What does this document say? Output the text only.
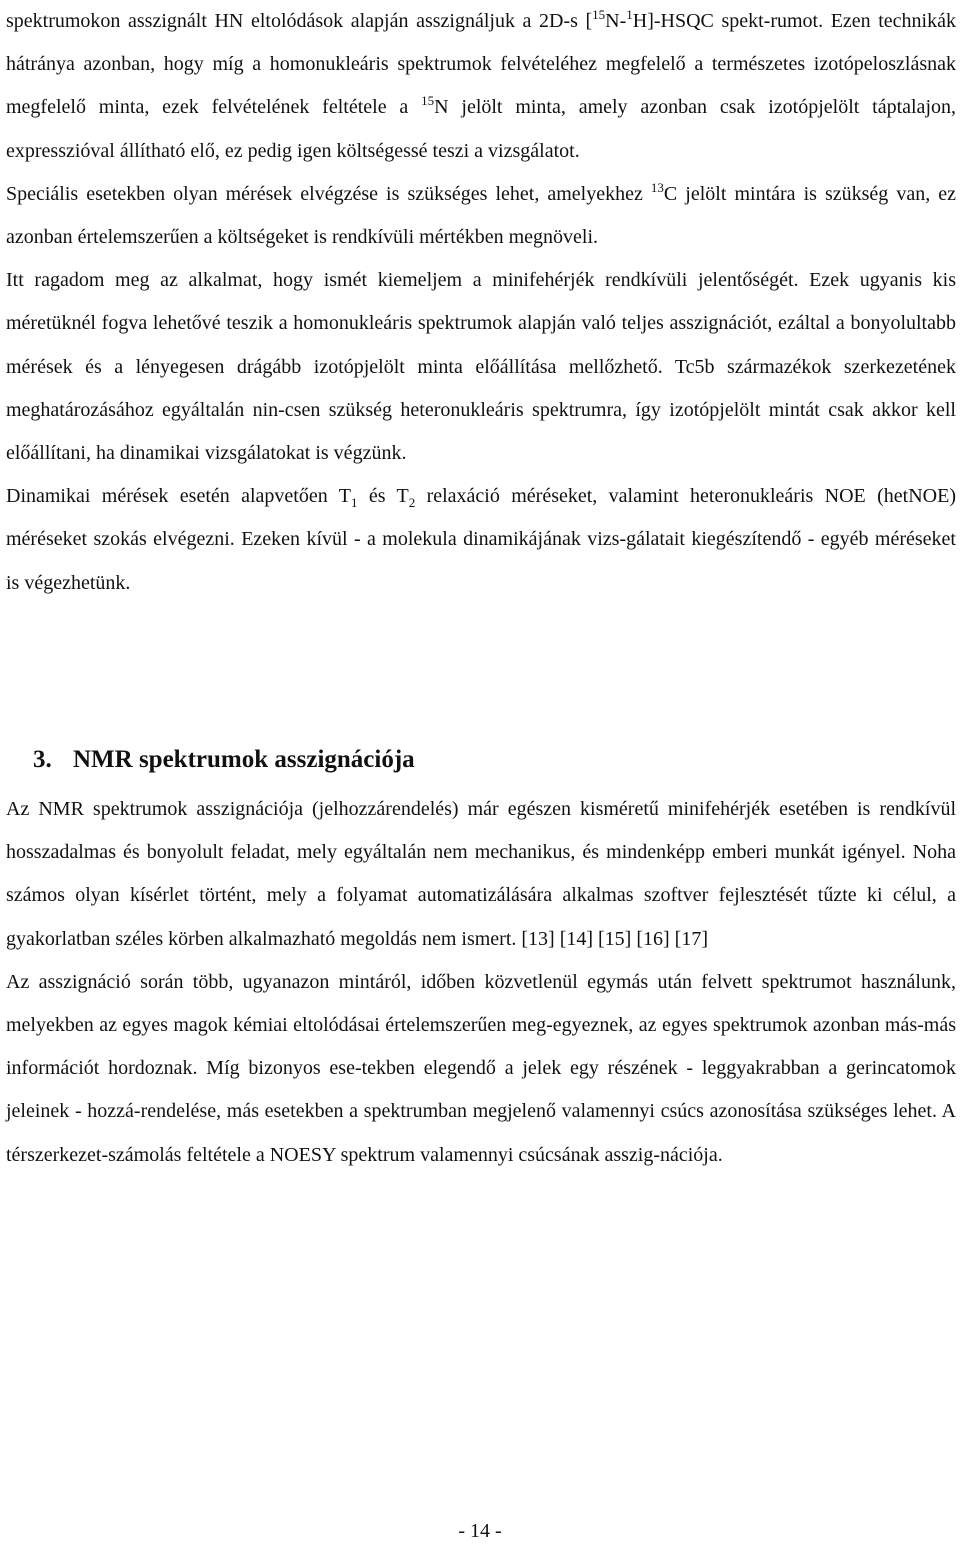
spektrumokon asszignált HN eltolódások alapján asszignáljuk a 2D-s [$^{15}$N-$^1$H]-HSQC spekt-rumot. Ezen technikák hátránya azonban, hogy míg a homonukleáris spektrumok felvételéhez megfelelő a természetes izotópeloszlásnak megfelelő minta, ezek felvételének feltétele a $^{15}$N jelölt minta, amely azonban csak izotópjelölt táptalajon, expresszióval állítható elő, ez pedig igen költségessé teszi a vizsgálatot.

Speciális esetekben olyan mérések elvégzése is szükséges lehet, amelyekhez $^{13}$C jelölt mintára is szükség van, ez azonban értelemszerűen a költségeket is rendkívüli mértékben megnöveli.

Itt ragadom meg az alkalmat, hogy ismét kiemeljem a minifehérjék rendkívüli jelentőségét. Ezek ugyanis kis méretüknél fogva lehetővé teszik a homonukleáris spektrumok alapján való teljes asszignációt, ezáltal a bonyolultabb mérések és a lényegesen drágább izotópjelölt minta előállítása mellőzhető. Tc5b származékok szerkezetének meghatározásához egyáltalán nin-csen szükség heteronukleáris spektrumra, így izotópjelölt mintát csak akkor kell előállítani, ha dinamikai vizsgálatokat is végzünk.

Dinamikai mérések esetén alapvetően $T_1$ és $T_2$ relaxáció méréseket, valamint heteronukleáris NOE (hetNOE) méréseket szokás elvégezni. Ezeken kívül - a molekula dinamikájának vizs-gálatait kiegészítendő - egyéb méréseket is végezhetünk.

3. NMR spektrumok asszignációja

Az NMR spektrumok asszignációja (jelhozzárendelés) már egészen kisméretű minifehérjék esetében is rendkívül hosszadalmas és bonyolult feladat, mely egyáltalán nem mechanikus, és mindenképp emberi munkát igényel. Noha számos olyan kísérlet történt, mely a folyamat automatizálására alkalmas szoftver fejlesztését tűzte ki célul, a gyakorlatban széles körben alkalmazható megoldás nem ismert. [13] [14] [15] [16] [17]

Az asszignáció során több, ugyanazon mintáról, időben közvetlenül egymás után felvett spektrumot használunk, melyekben az egyes magok kémiai eltolódásai értelemszerűen meg-egyeznek, az egyes spektrumok azonban más-más információt hordoznak. Míg bizonyos ese-tekben elegendő a jelek egy részének - leggyakrabban a gerincatomok jeleinek - hozzá-rendelése, más esetekben a spektrumban megjelenő valamennyi csúcs azonosítása szükséges lehet. A térszerkezet-számolás feltétele a NOESY spektrum valamennyi csúcsának asszig-nációja.

- 14 -
